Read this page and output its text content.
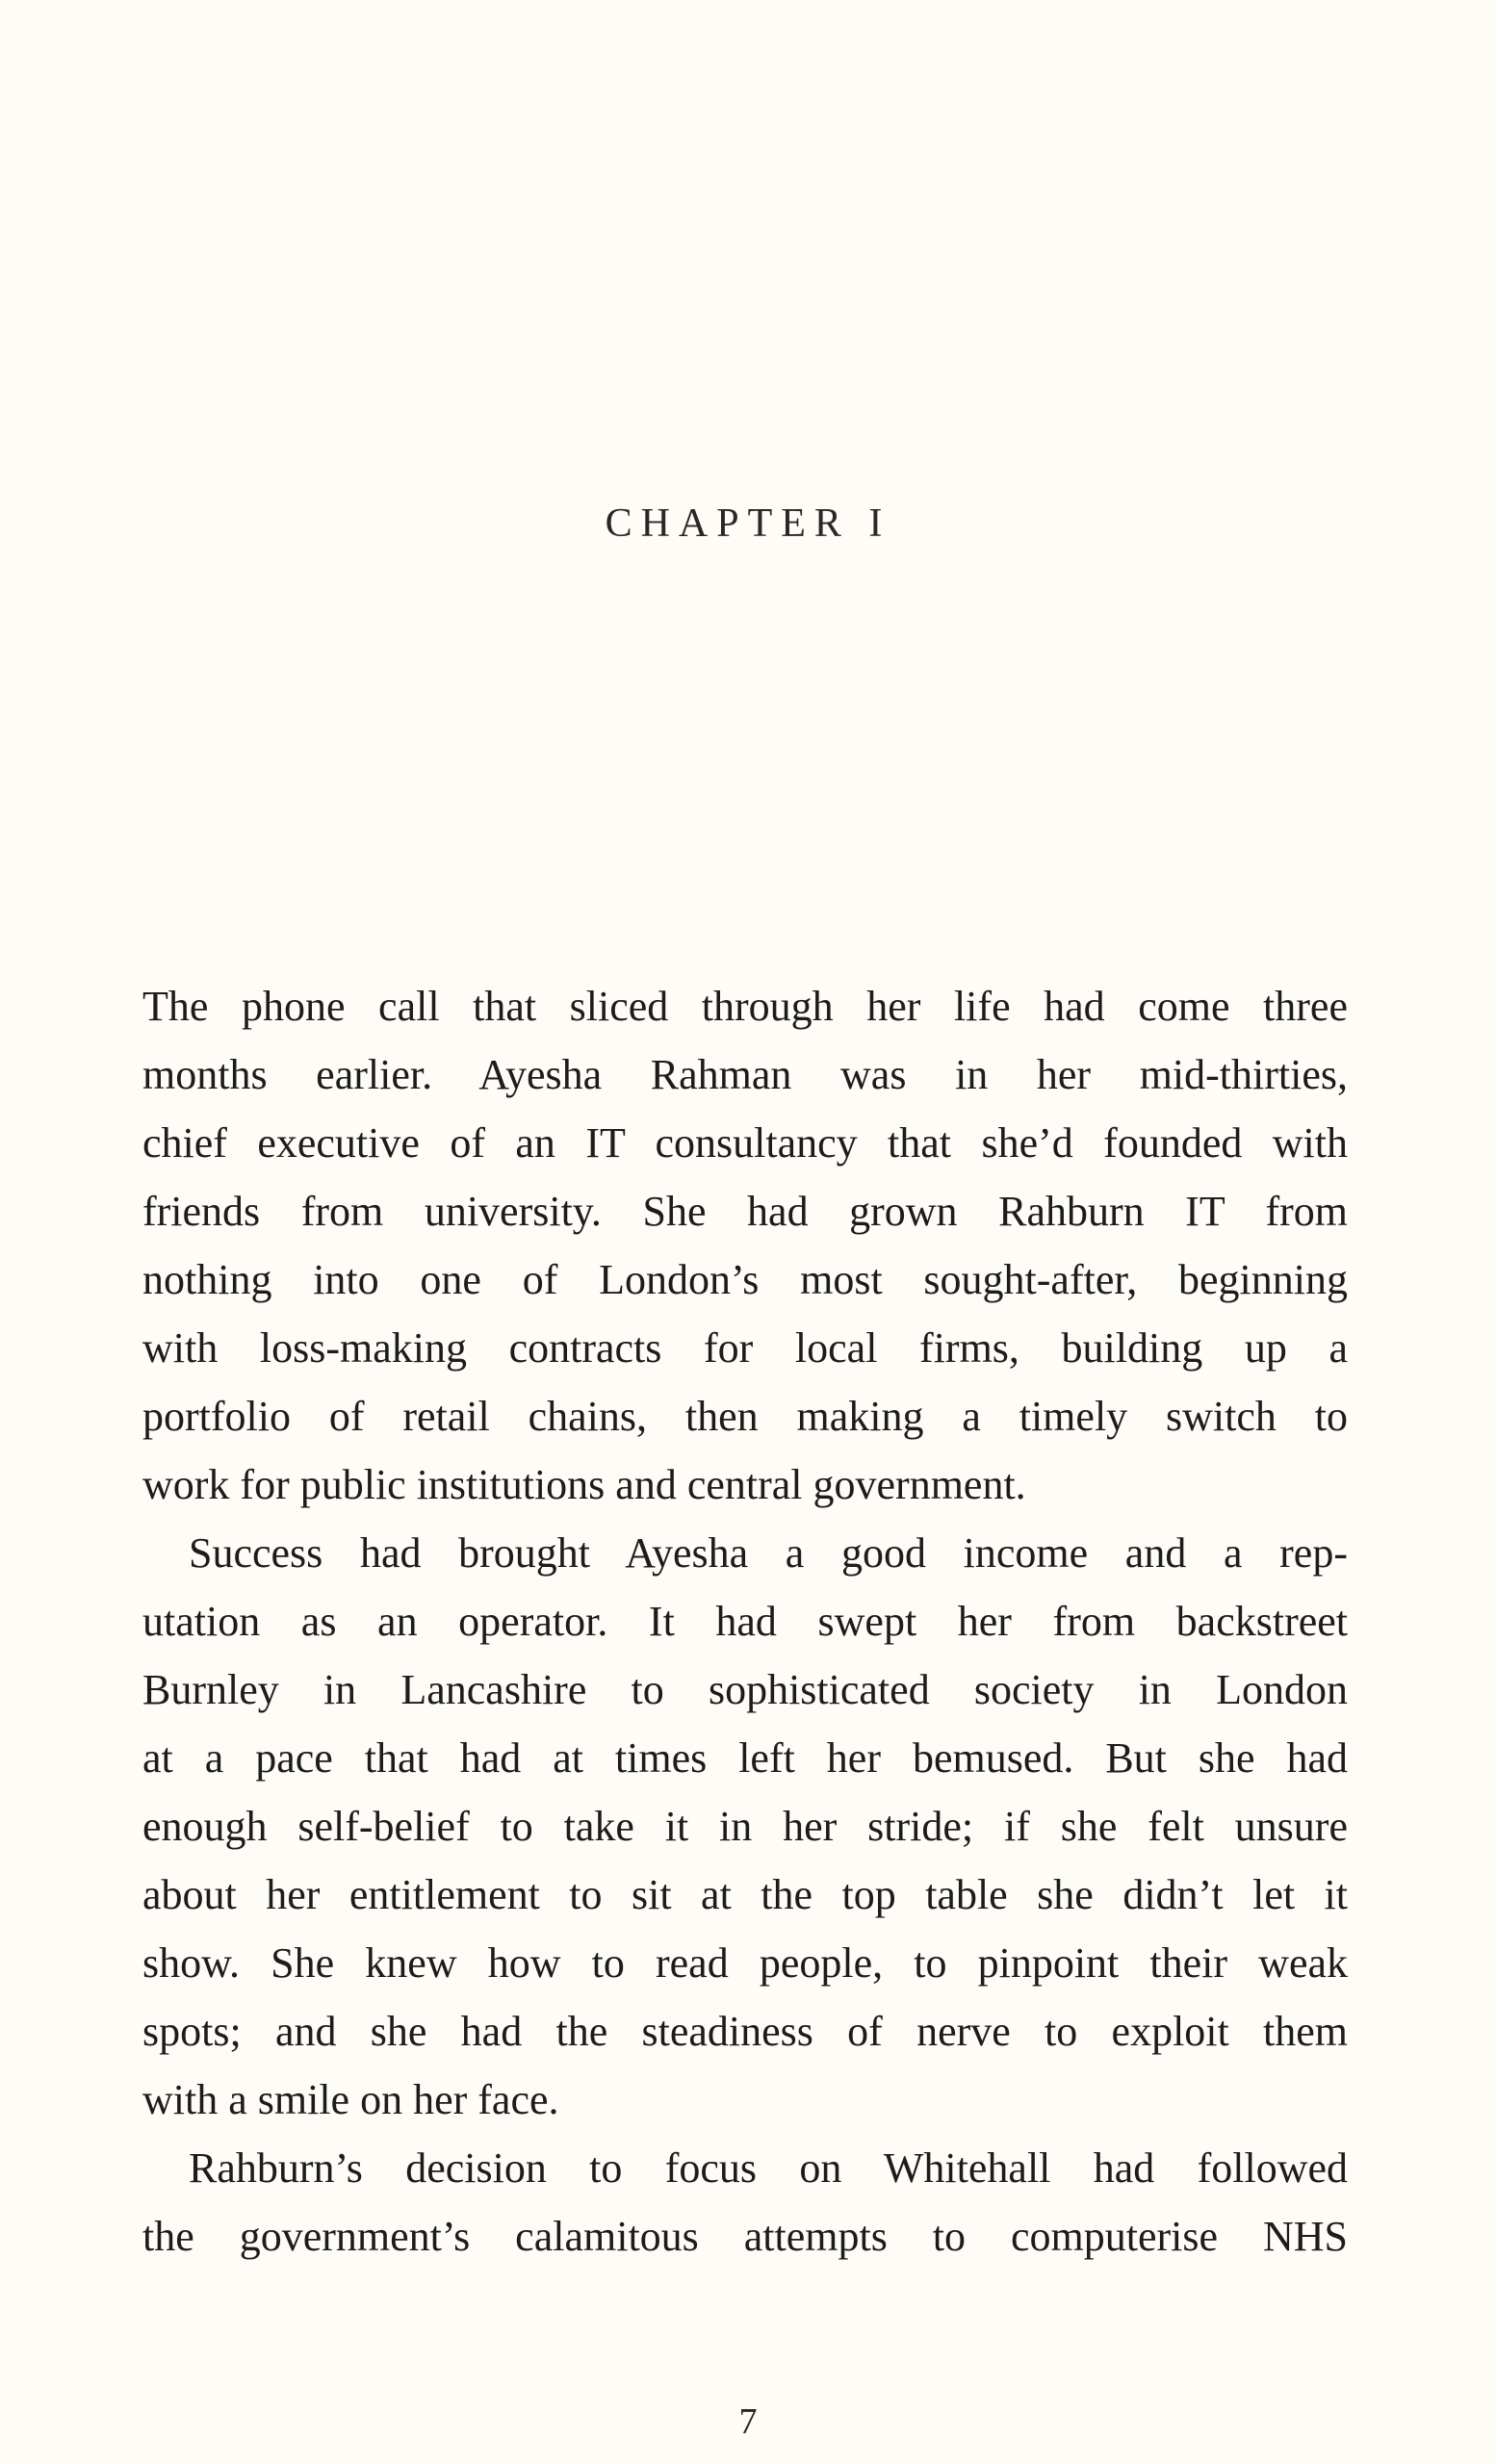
CHAPTER I
The phone call that sliced through her life had come three
months earlier. Ayesha Rahman was in her mid-thirties,
chief executive of an IT consultancy that she’d founded with
friends from university. She had grown Rahburn IT from
nothing into one of London’s most sought-after, beginning
with loss-making contracts for local firms, building up a
portfolio of retail chains, then making a timely switch to
work for public institutions and central government.
Success had brought Ayesha a good income and a rep-
utation as an operator. It had swept her from backstreet
Burnley in Lancashire to sophisticated society in London
at a pace that had at times left her bemused. But she had
enough self-belief to take it in her stride; if she felt unsure
about her entitlement to sit at the top table she didn’t let it
show. She knew how to read people, to pinpoint their weak
spots; and she had the steadiness of nerve to exploit them
with a smile on her face.
Rahburn’s decision to focus on Whitehall had followed
the government’s calamitous attempts to computerise NHS
7
